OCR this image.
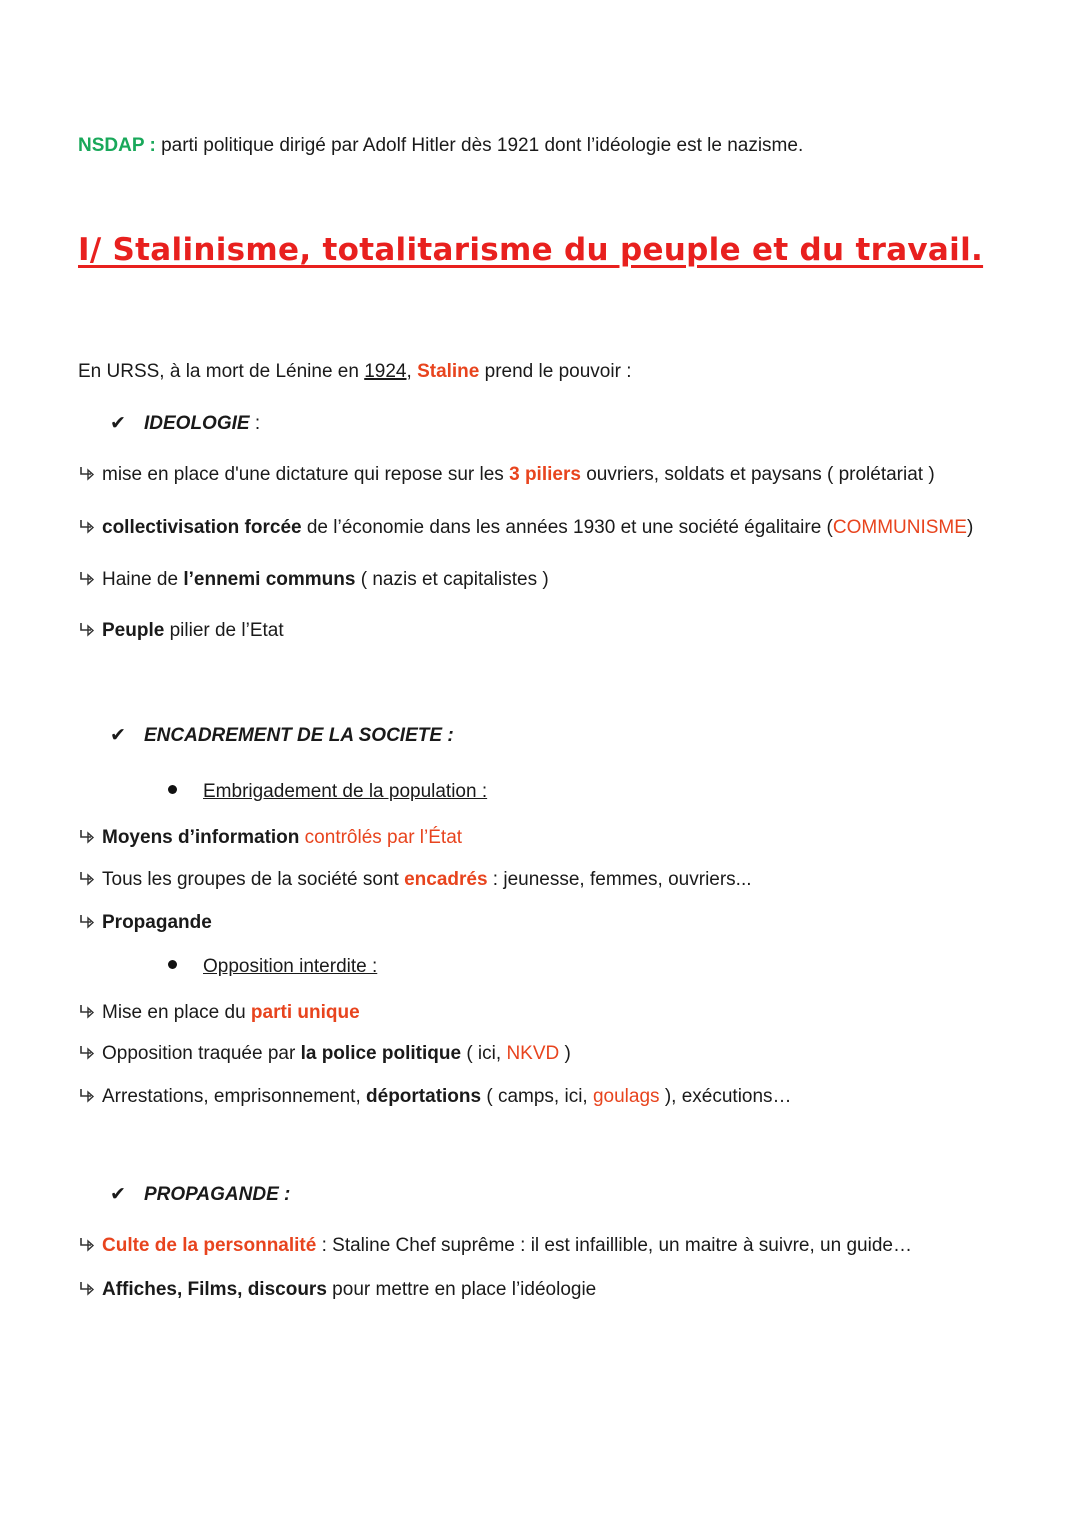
NSDAP : parti politique dirigé par Adolf Hitler dès 1921 dont l’idéologie est le nazisme.
I/ Stalinisme, totalitarisme du peuple et du travail.
En URSS, à la mort de Lénine en 1924, Staline prend le pouvoir :
✔ IDEOLOGIE :
mise en place d'une dictature qui repose sur les 3 piliers ouvriers, soldats et paysans ( prolétariat )
collectivisation forcée de l’économie dans les années 1930 et une société égalitaire (COMMUNISME)
Haine de l’ennemi communs ( nazis et capitalistes )
Peuple pilier de l’Etat
✔ ENCADREMENT DE LA SOCIETE :
Embrigadement de la population :
Moyens d’information contrôlés par l’État
Tous les groupes de la société sont encadrés : jeunesse, femmes, ouvriers...
Propagande
Opposition interdite :
Mise en place du parti unique
Opposition traquée par la police politique ( ici, NKVD )
Arrestations, emprisonnement, déportations ( camps, ici, goulags ), exécutions…
✔ PROPAGANDE :
Culte de la personnalité : Staline Chef suprême : il est infaillible, un maitre à suivre, un guide…
Affiches, Films, discours pour mettre en place l’idéologie
